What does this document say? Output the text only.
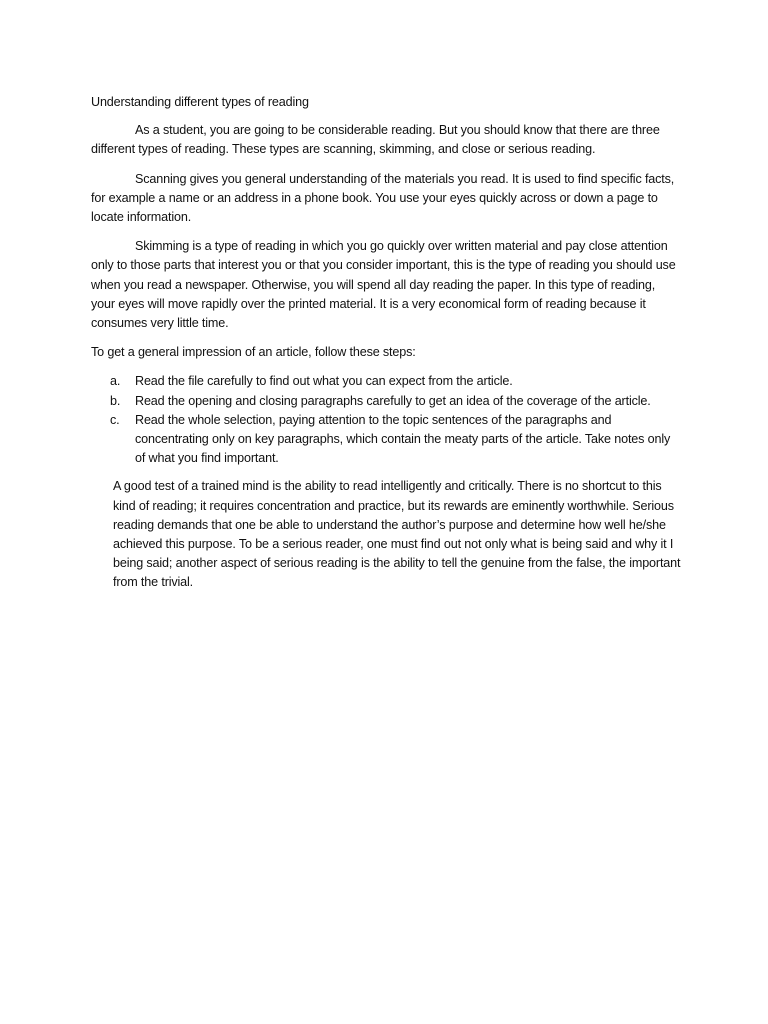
Understanding different types of reading

As a student, you are going to be considerable reading. But you should know that there are three different types of reading. These types are scanning, skimming, and close or serious reading.

Scanning gives you general understanding of the materials you read. It is used to find specific facts, for example a name or an address in a phone book. You use your eyes quickly across or down a page to locate information.

Skimming is a type of reading in which you go quickly over written material and pay close attention only to those parts that interest you or that you consider important, this is the type of reading you should use when you read a newspaper. Otherwise, you will spend all day reading the paper. In this type of reading, your eyes will move rapidly over the printed material. It is a very economical form of reading because it consumes very little time.

To get a general impression of an article, follow these steps:

a. Read the file carefully to find out what you can expect from the article.
b. Read the opening and closing paragraphs carefully to get an idea of the coverage of the article.
c. Read the whole selection, paying attention to the topic sentences of the paragraphs and concentrating only on key paragraphs, which contain the meaty parts of the article. Take notes only of what you find important.

A good test of a trained mind is the ability to read intelligently and critically. There is no shortcut to this kind of reading; it requires concentration and practice, but its rewards are eminently worthwhile. Serious reading demands that one be able to understand the author’s purpose and determine how well he/she achieved this purpose. To be a serious reader, one must find out not only what is being said and why it I being said; another aspect of serious reading is the ability to tell the genuine from the false, the important from the trivial.
